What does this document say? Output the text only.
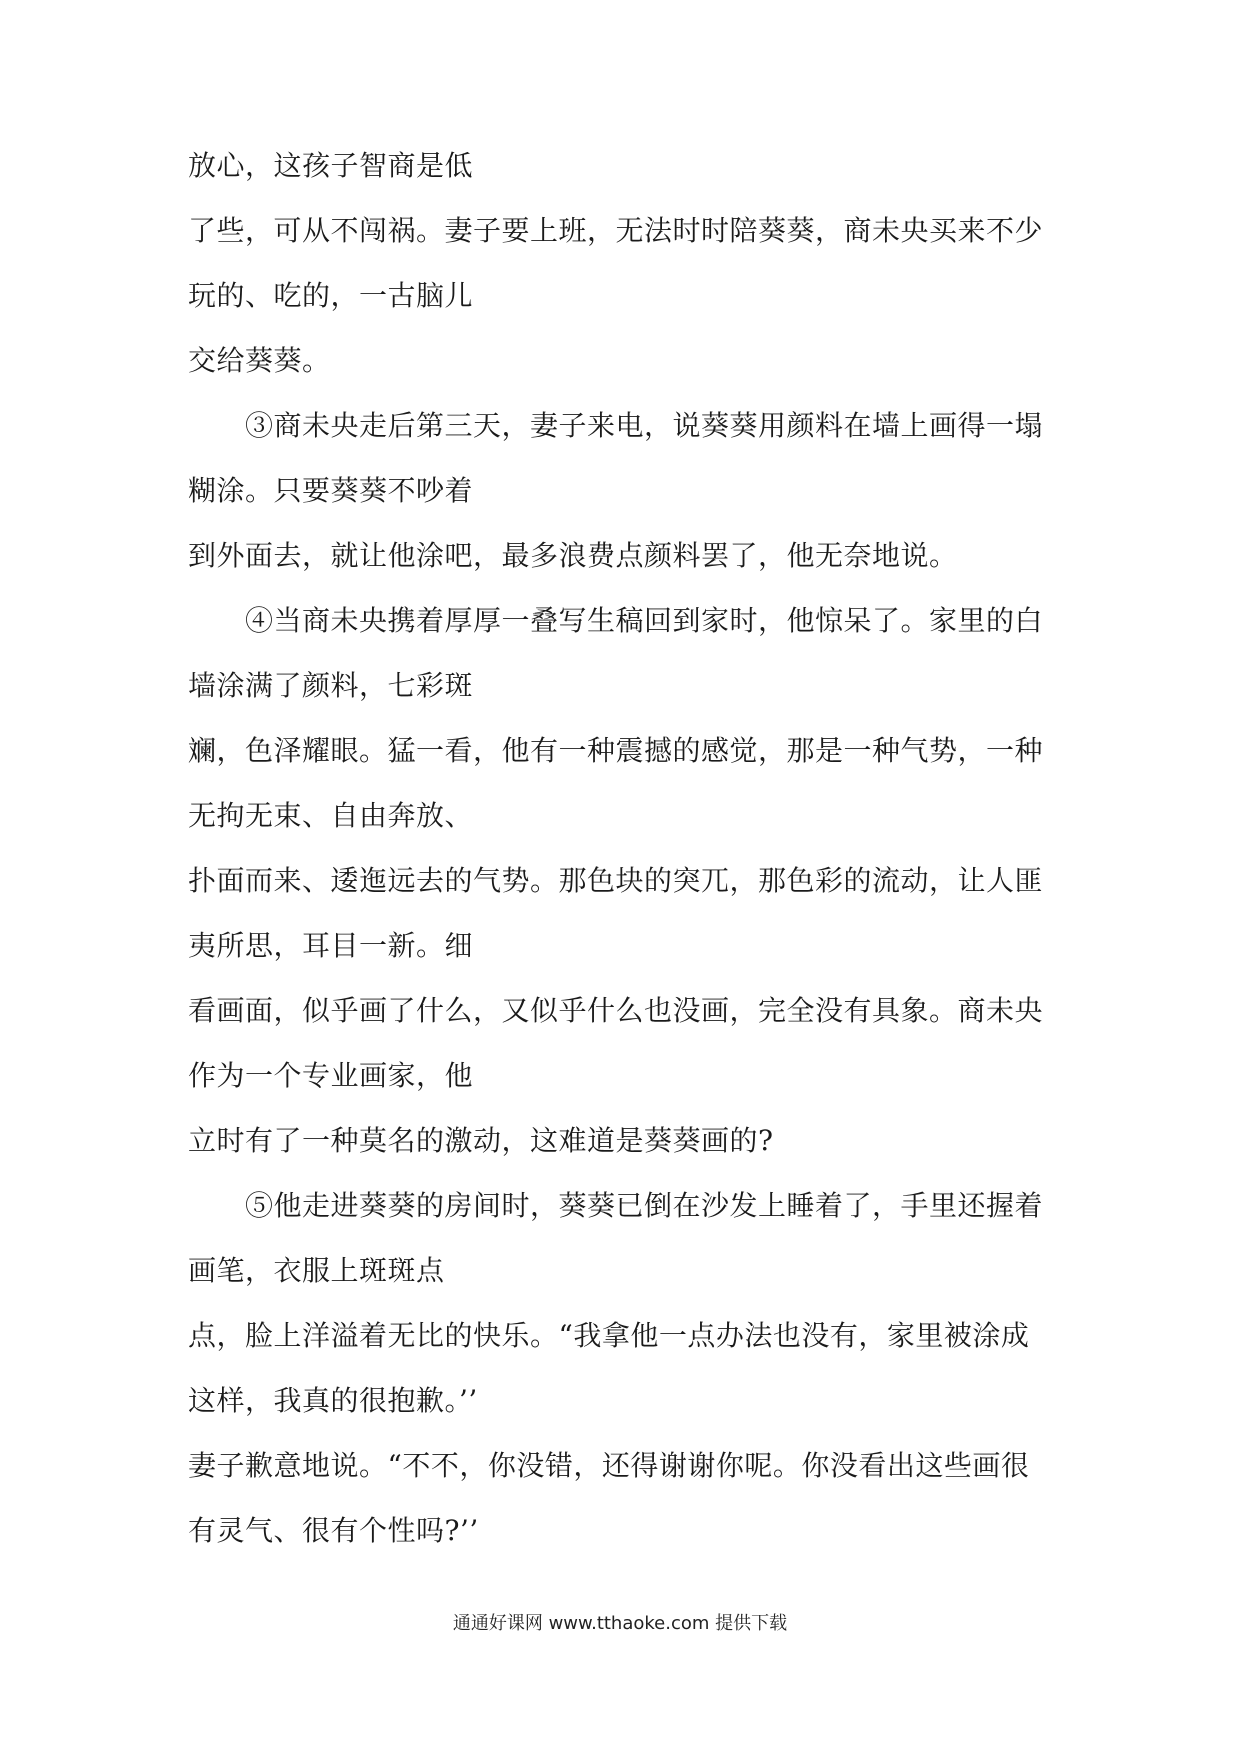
放心，这孩子智商是低
了些，可从不闯祸。妻子要上班，无法时时陪葵葵，商未央买来不少
玩的、吃的，一古脑儿
交给葵葵。
　　③商未央走后第三天，妻子来电，说葵葵用颜料在墙上画得一塌
糊涂。只要葵葵不吵着
到外面去，就让他涂吧，最多浪费点颜料罢了，他无奈地说。
　　④当商未央携着厚厚一叠写生稿回到家时，他惊呆了。家里的白
墙涂满了颜料，七彩斑
斓，色泽耀眼。猛一看，他有一种震撼的感觉，那是一种气势，一种
无拘无束、自由奔放、
扑面而来、逶迤远去的气势。那色块的突兀，那色彩的流动，让人匪
夷所思，耳目一新。细
看画面，似乎画了什么，又似乎什么也没画，完全没有具象。商未央
作为一个专业画家，他
立时有了一种莫名的激动，这难道是葵葵画的?
　　⑤他走进葵葵的房间时，葵葵已倒在沙发上睡着了，手里还握着
画笔，衣服上斑斑点
点，脸上洋溢着无比的快乐。“我拿他一点办法也没有，家里被涂成
这样，我真的很抱歉。’’
妻子歉意地说。“不不，你没错，还得谢谢你呢。你没看出这些画很
有灵气、很有个性吗?’’
通通好课网 www.tthaoke.com 提供下载
